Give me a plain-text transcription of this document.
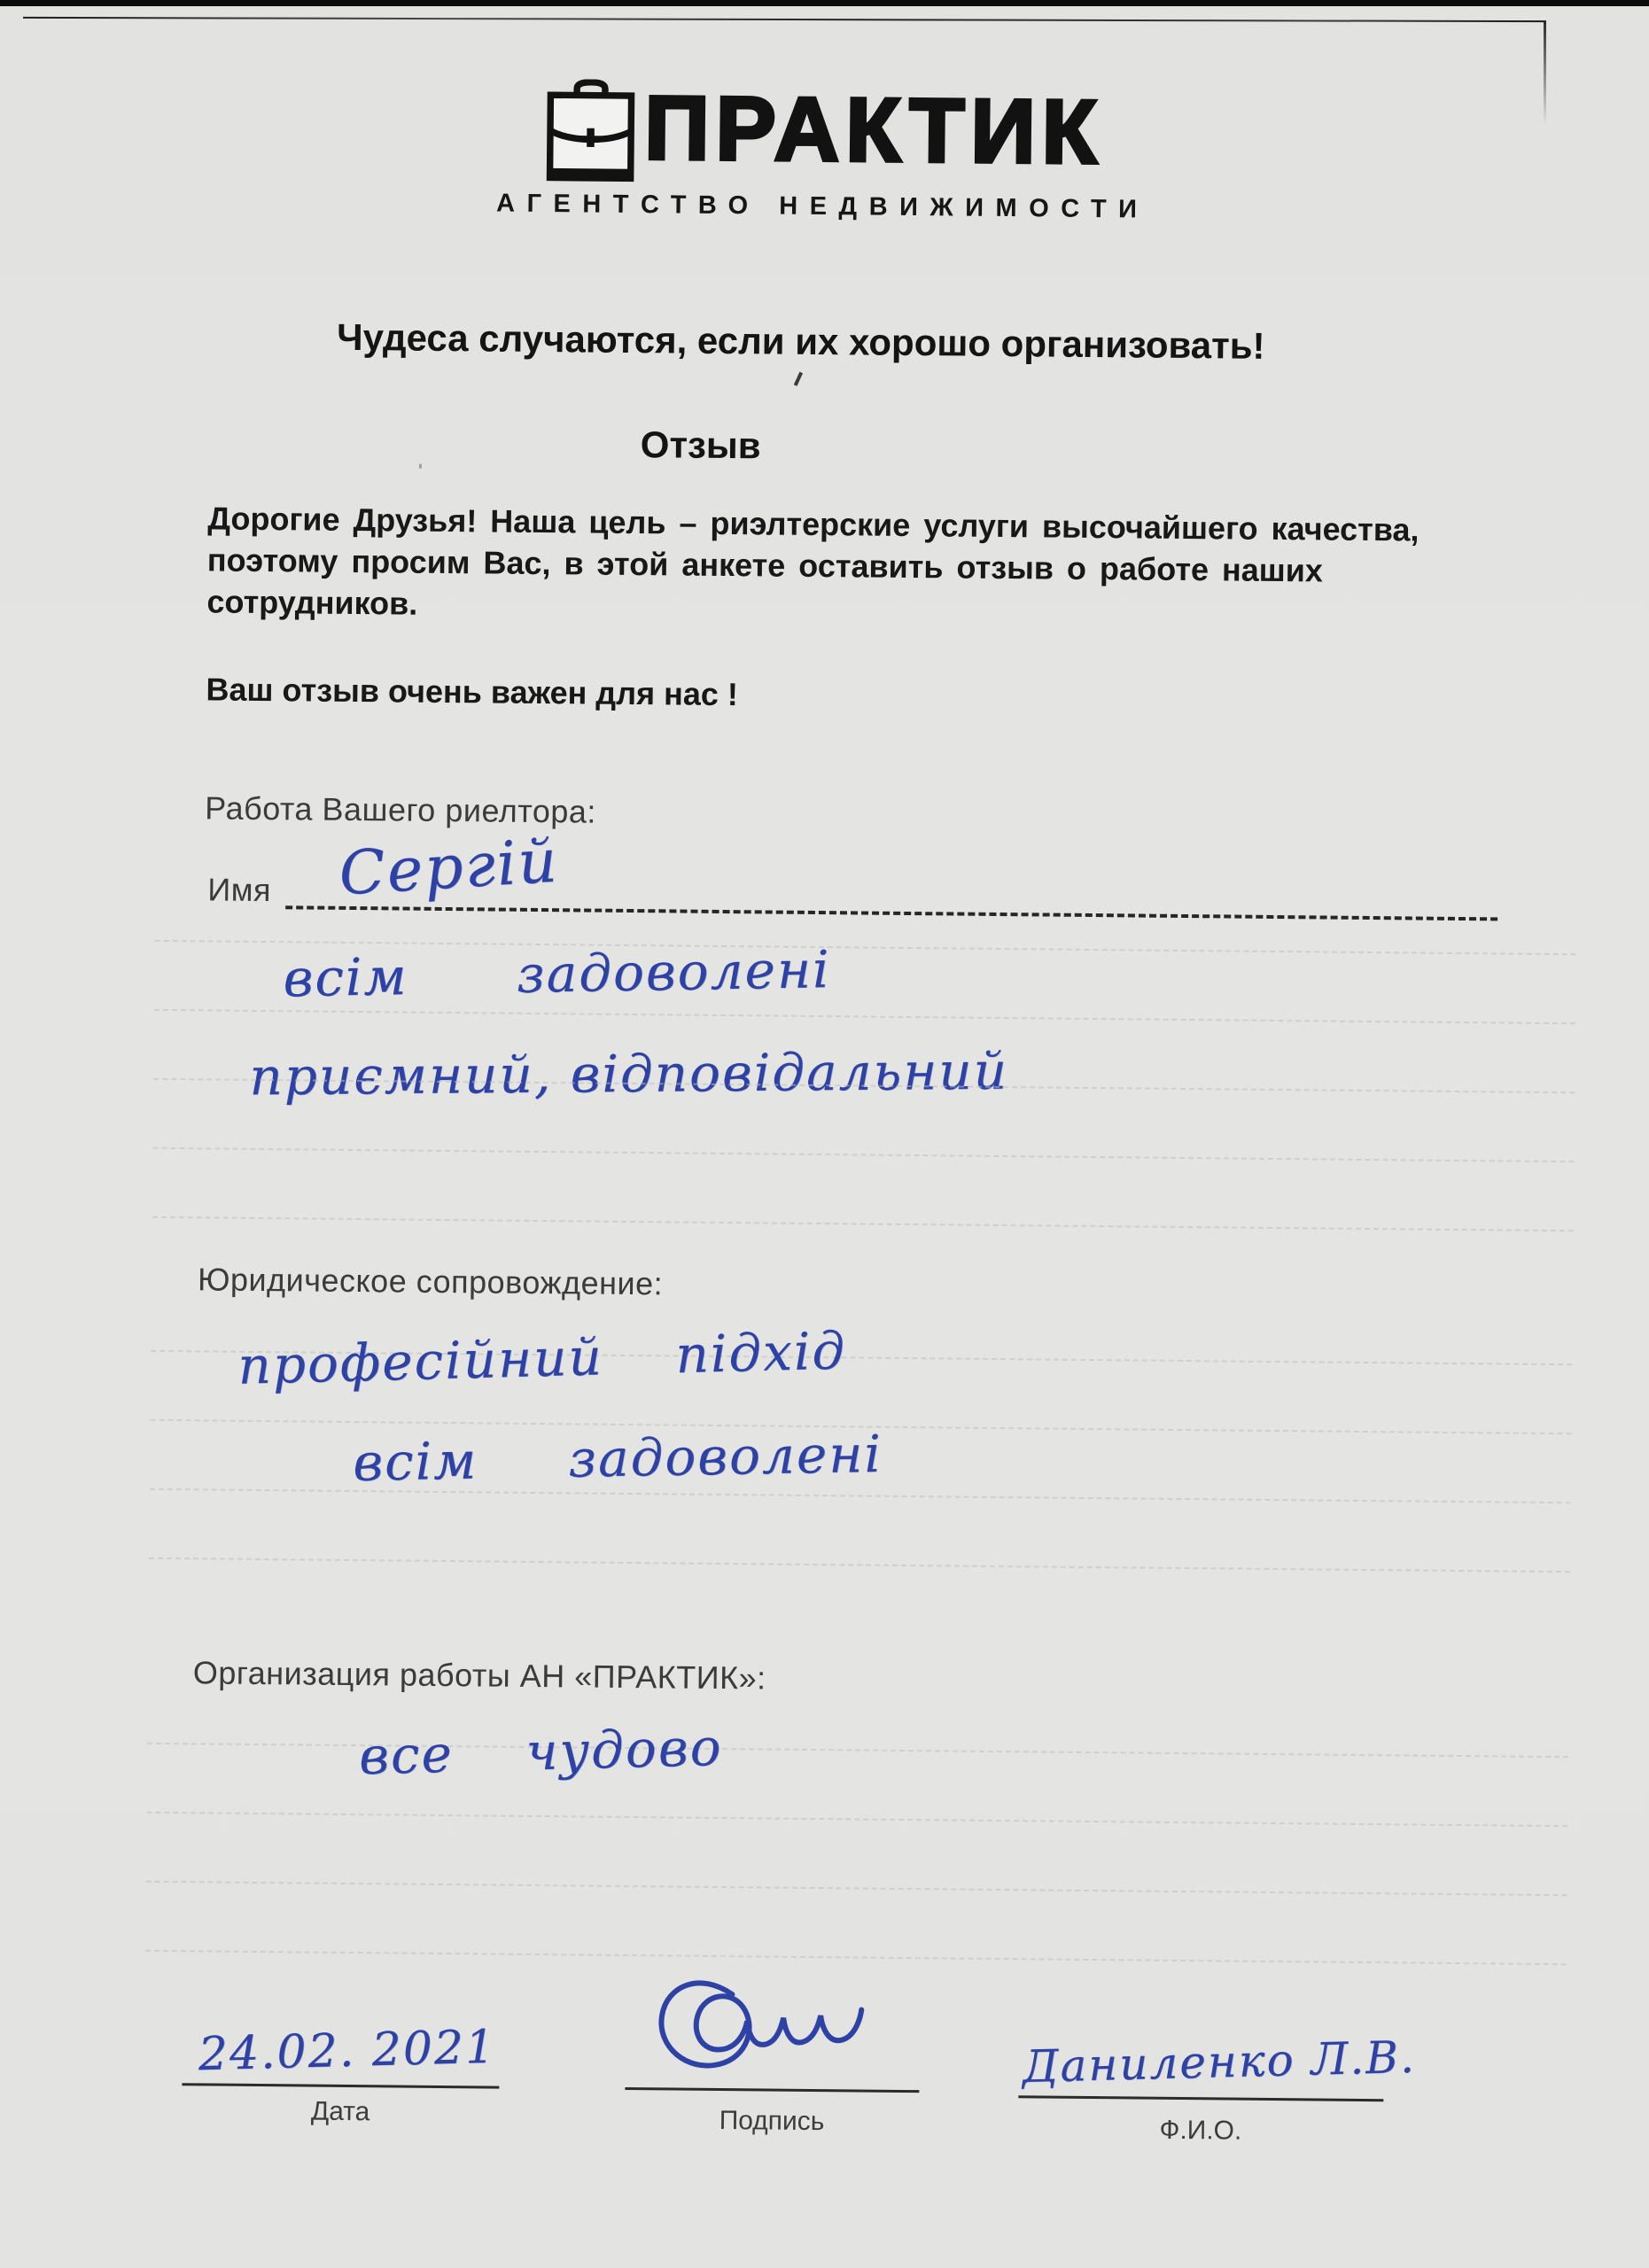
ПРАКТИК
АГЕНТСТВО НЕДВИЖИМОСТИ
Чудеса случаются, если их хорошо организовать!
Отзыв
Дорогие Друзья! Наша цель – риэлтерские услуги высочайшего качества,
поэтому просим Вас, в этой анкете оставить отзыв о работе наших
сотрудников.
Ваш отзыв очень важен для нас !
Работа Вашего риелтора:
Имя Сергій
всім      задоволені
приємний, відповідальний
Юридическое сопровождение:
професійний    підхід
всім     задоволені
Организация работы АН «ПРАКТИК»:
все    чудово
24.02. 2021
Дата	Подпись
Даниленко Л.В.
Ф.И.О.
